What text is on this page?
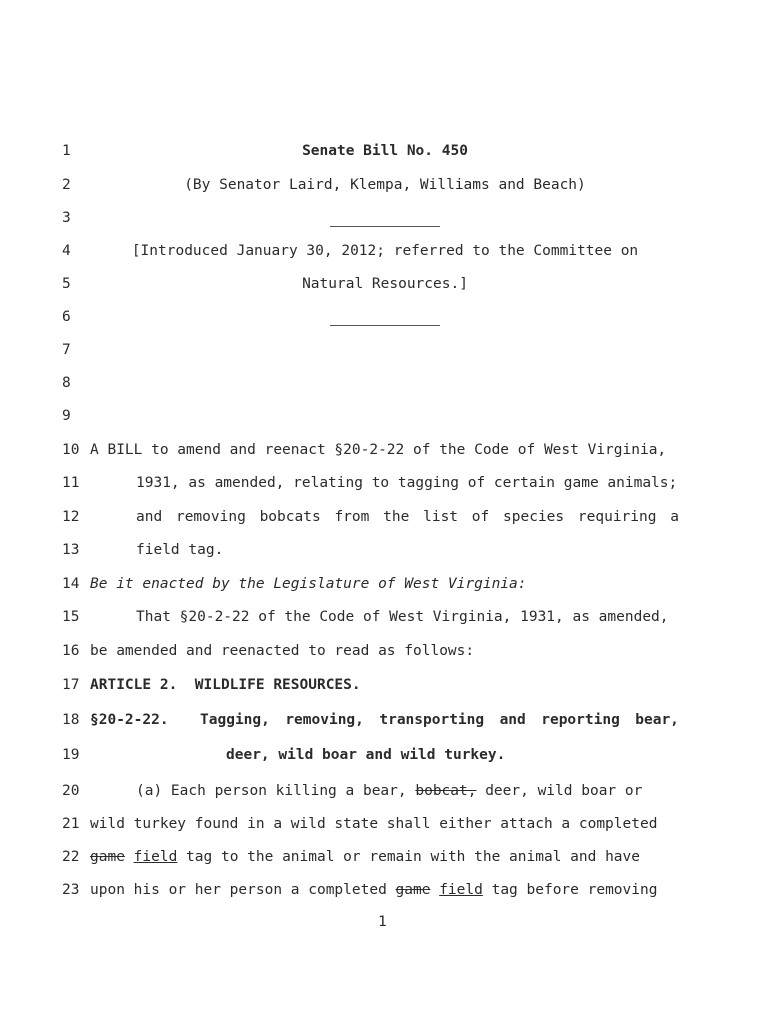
1
2
3
4
5
6
7
8
9
10
11
12
13
14
15
16
17
18
19
20
21
22
23
Senate Bill No. 450
(By Senator Laird, Klempa, Williams and Beach)
[Introduced January 30, 2012; referred to the Committee on
Natural Resources.]
A BILL to amend and reenact §20-2-22 of the Code of West Virginia,
1931, as amended, relating to tagging of certain game animals;
and removing bobcats from the list of species requiring a
field tag.
Be it enacted by the Legislature of West Virginia:
That §20-2-22 of the Code of West Virginia, 1931, as amended,
be amended and reenacted to read as follows:
ARTICLE 2.  WILDLIFE RESOURCES.
§20-2-22. Tagging, removing, transporting and reporting bear,
deer, wild boar and wild turkey.
(a) Each person killing a bear, bobcat, deer, wild boar or
wild turkey found in a wild state shall either attach a completed
game field tag to the animal or remain with the animal and have
upon his or her person a completed game field tag before removing
1
